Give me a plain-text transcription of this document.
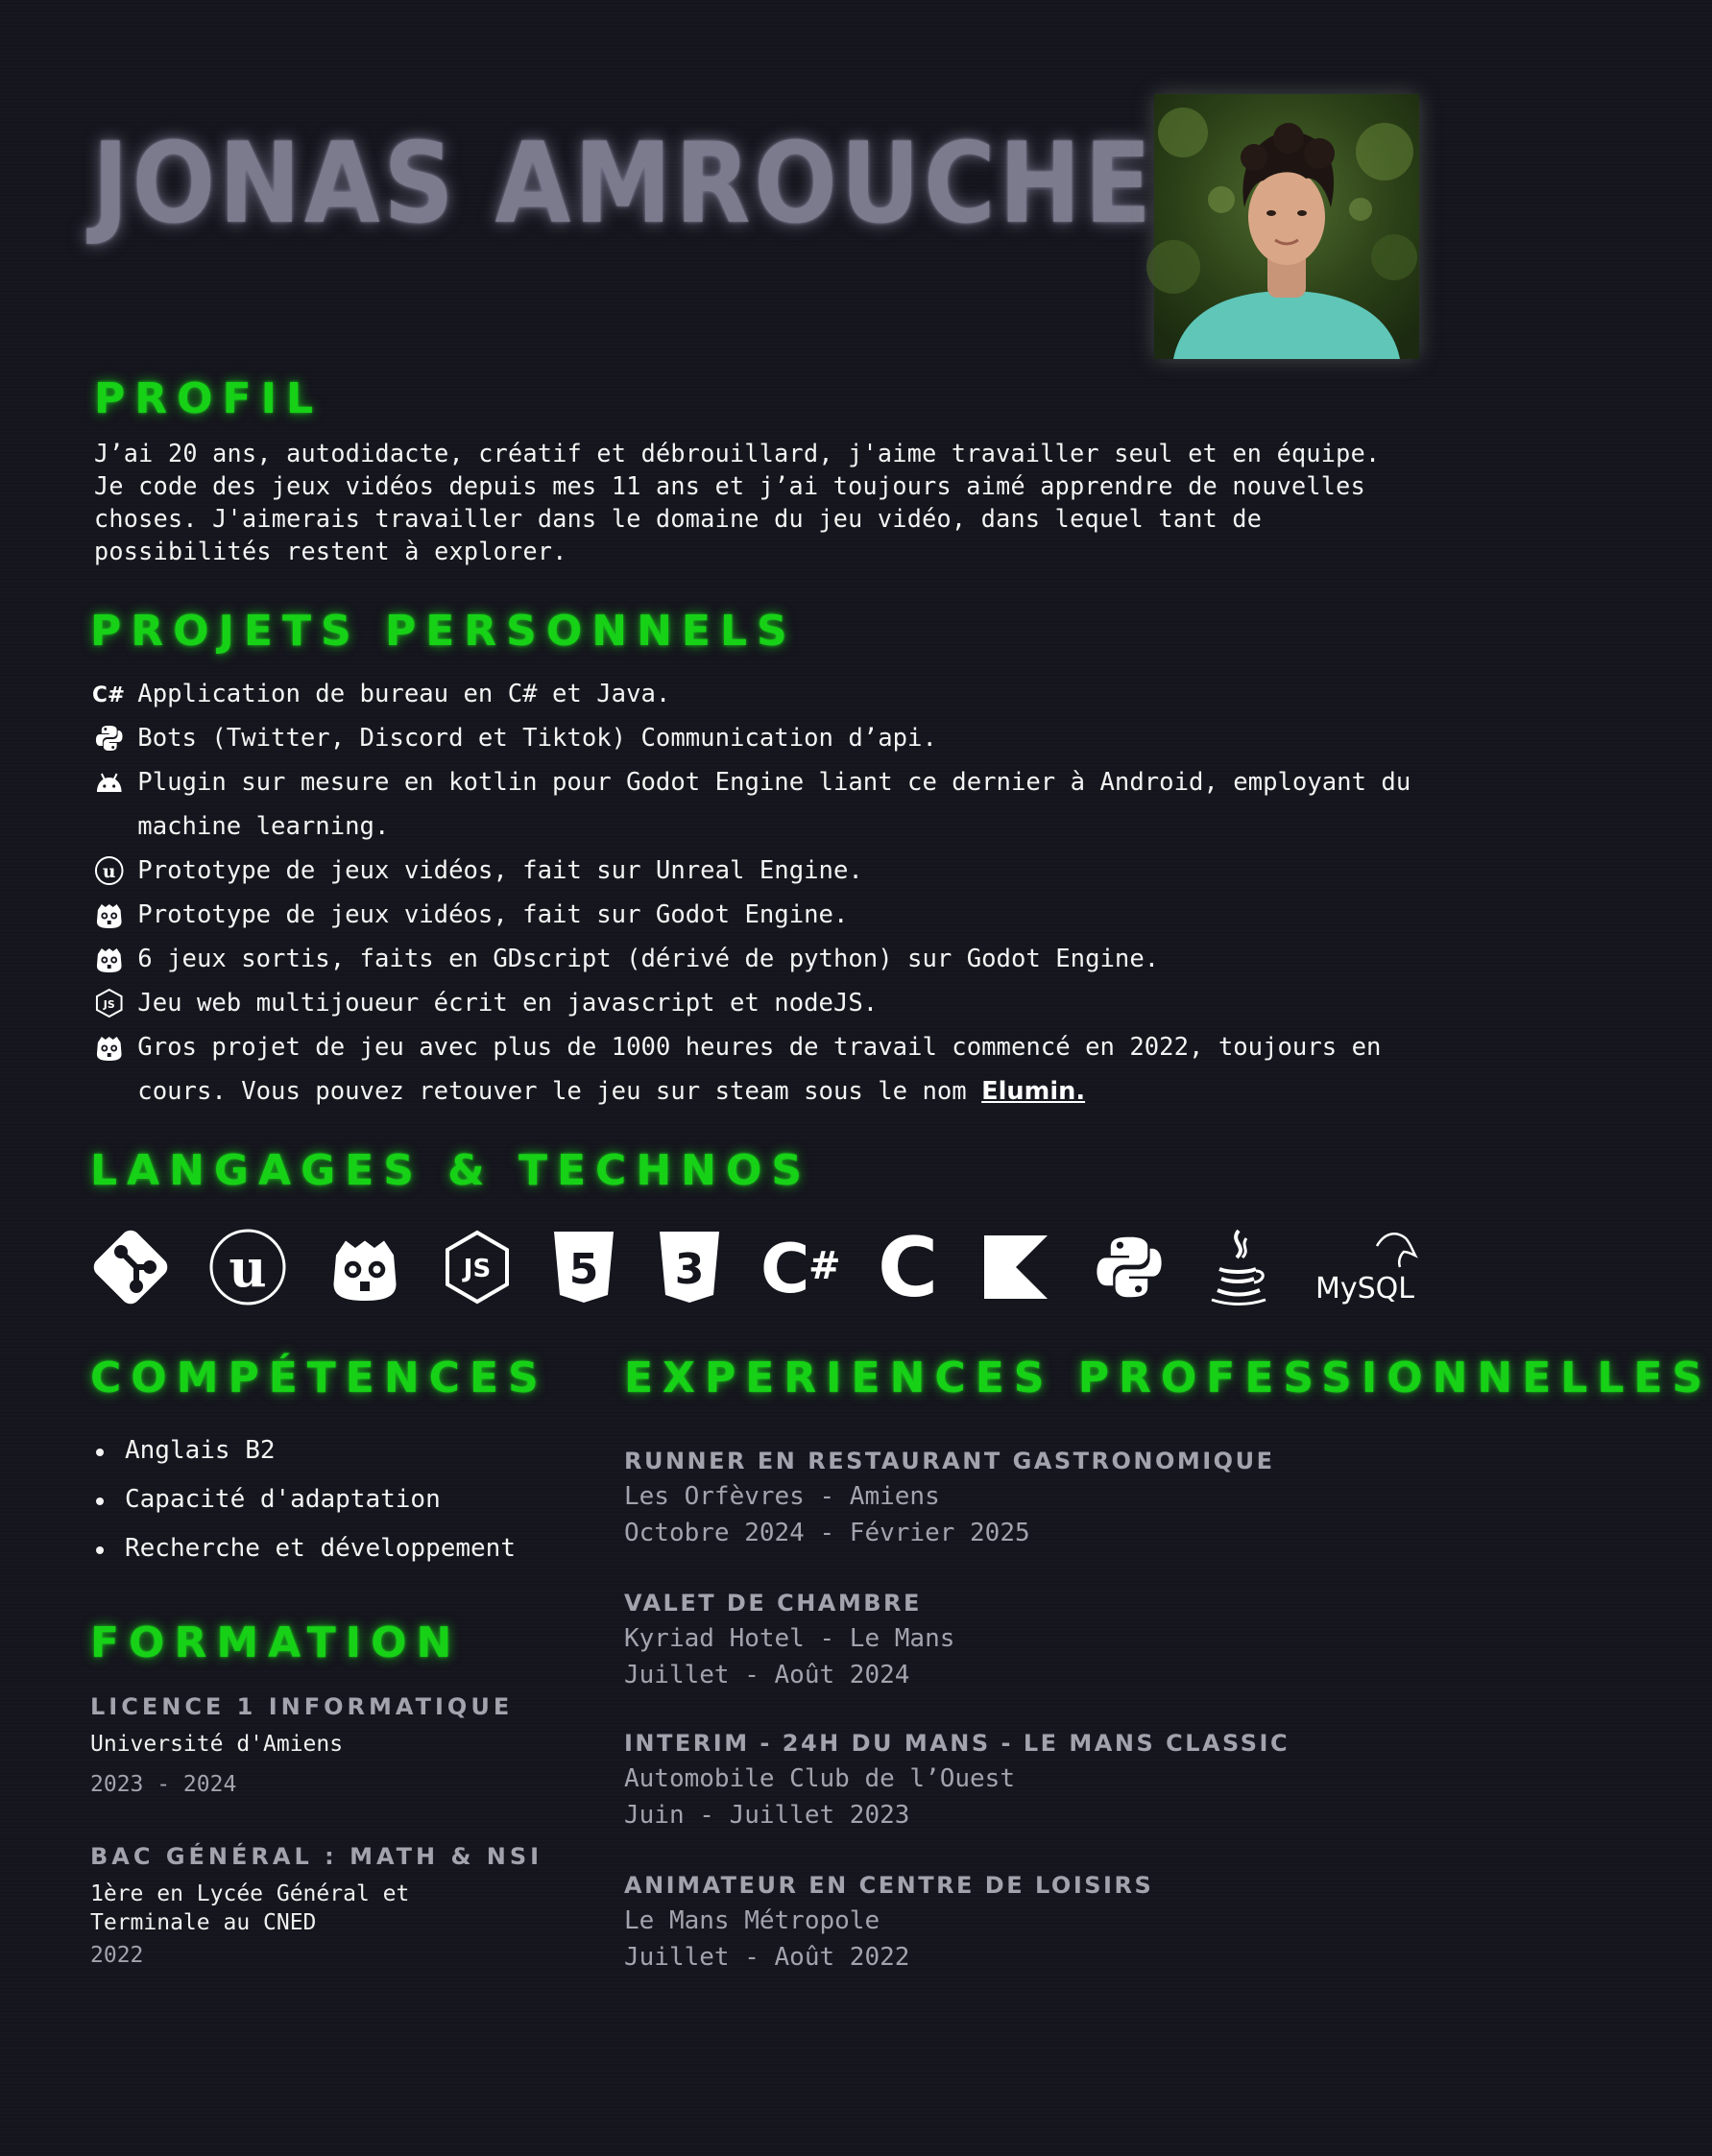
JONAS AMROUCHE
PROFIL

J’ai 20 ans, autodidacte, créatif et débrouillard, j'aime travailler seul et en équipe. Je code des jeux vidéos depuis mes 11 ans et j’ai toujours aimé apprendre de nouvelles choses. J'aimerais travailler dans le domaine du jeu vidéo, dans lequel tant de possibilités restent à explorer.

PROJETS PERSONNELS
C# Application de bureau en C# et Java.
Bots (Twitter, Discord et Tiktok) Communication d’api.
Plugin sur mesure en kotlin pour Godot Engine liant ce dernier à Android, employant du machine learning.
u Prototype de jeux vidéos, fait sur Unreal Engine.
Prototype de jeux vidéos, fait sur Godot Engine.
6 jeux sortis, faits en GDscript (dérivé de python) sur Godot Engine.
JS Jeu web multijoueur écrit en javascript et nodeJS.
Gros projet de jeu avec plus de 1000 heures de travail commencé en 2022, toujours en cours. Vous pouvez retouver le jeu sur steam sous le nom Elumin.
LANGAGES & TECHNOS
u	JS 5 3 C
# C	MySQL
COMPÉTENCES
Anglais B2
Capacité d'adaptation
Recherche et développement
FORMATION
LICENCE 1 INFORMATIQUE
Université d'Amiens
2023 - 2024
BAC GÉNÉRAL : MATH & NSI
1ère en Lycée Général et
Terminale au CNED
2022
EXPERIENCES PROFESSIONNELLES
RUNNER EN RESTAURANT GASTRONOMIQUE
Les Orfèvres - Amiens
Octobre 2024 - Février 2025
VALET DE CHAMBRE
Kyriad Hotel - Le Mans
Juillet - Août 2024
INTERIM - 24H DU MANS - LE MANS CLASSIC
Automobile Club de l’Ouest
Juin - Juillet 2023
ANIMATEUR EN CENTRE DE LOISIRS
Le Mans Métropole
Juillet - Août 2022
